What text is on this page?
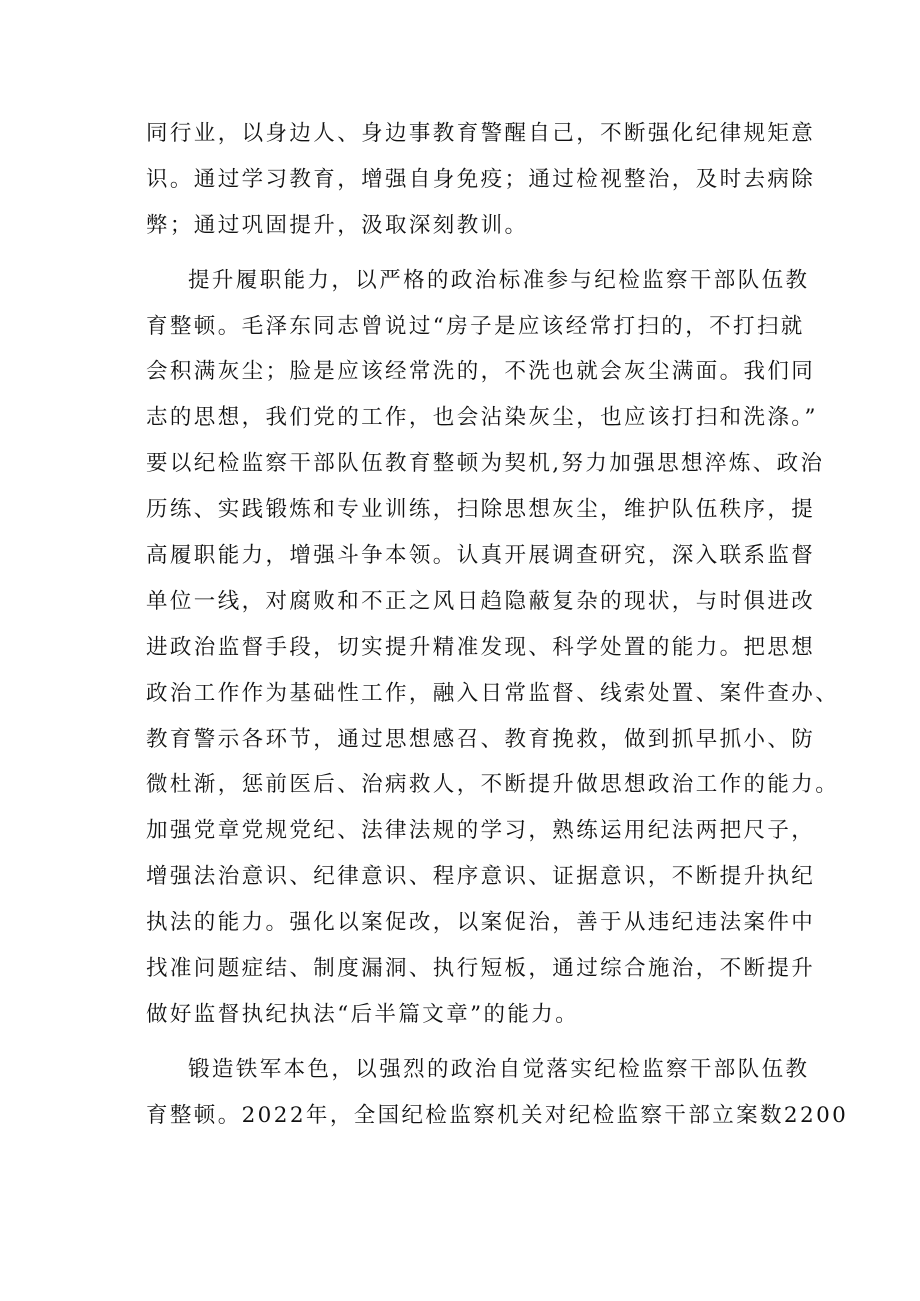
同行业，以身边人、身边事教育警醒自己，不断强化纪律规矩意
识。通过学习教育，增强自身免疫；通过检视整治，及时去病除
弊；通过巩固提升，汲取深刻教训。
提升履职能力，以严格的政治标准参与纪检监察干部队伍教
育整顿。毛泽东同志曾说过“房子是应该经常打扫的，不打扫就
会积满灰尘；脸是应该经常洗的，不洗也就会灰尘满面。我们同
志的思想，我们党的工作，也会沾染灰尘，也应该打扫和洗涤。”
要以纪检监察干部队伍教育整顿为契机,努力加强思想淬炼、政治
历练、实践锻炼和专业训练，扫除思想灰尘，维护队伍秩序，提
高履职能力，增强斗争本领。认真开展调查研究，深入联系监督
单位一线，对腐败和不正之风日趋隐蔽复杂的现状，与时俱进改
进政治监督手段，切实提升精准发现、科学处置的能力。把思想
政治工作作为基础性工作，融入日常监督、线索处置、案件查办、
教育警示各环节，通过思想感召、教育挽救，做到抓早抓小、防
微杜渐，惩前医后、治病救人，不断提升做思想政治工作的能力。
加强党章党规党纪、法律法规的学习，熟练运用纪法两把尺子，
增强法治意识、纪律意识、程序意识、证据意识，不断提升执纪
执法的能力。强化以案促改，以案促治，善于从违纪违法案件中
找准问题症结、制度漏洞、执行短板，通过综合施治，不断提升
做好监督执纪执法“后半篇文章”的能力。
锻造铁军本色，以强烈的政治自觉落实纪检监察干部队伍教
育整顿。2022年，全国纪检监察机关对纪检监察干部立案数2200
